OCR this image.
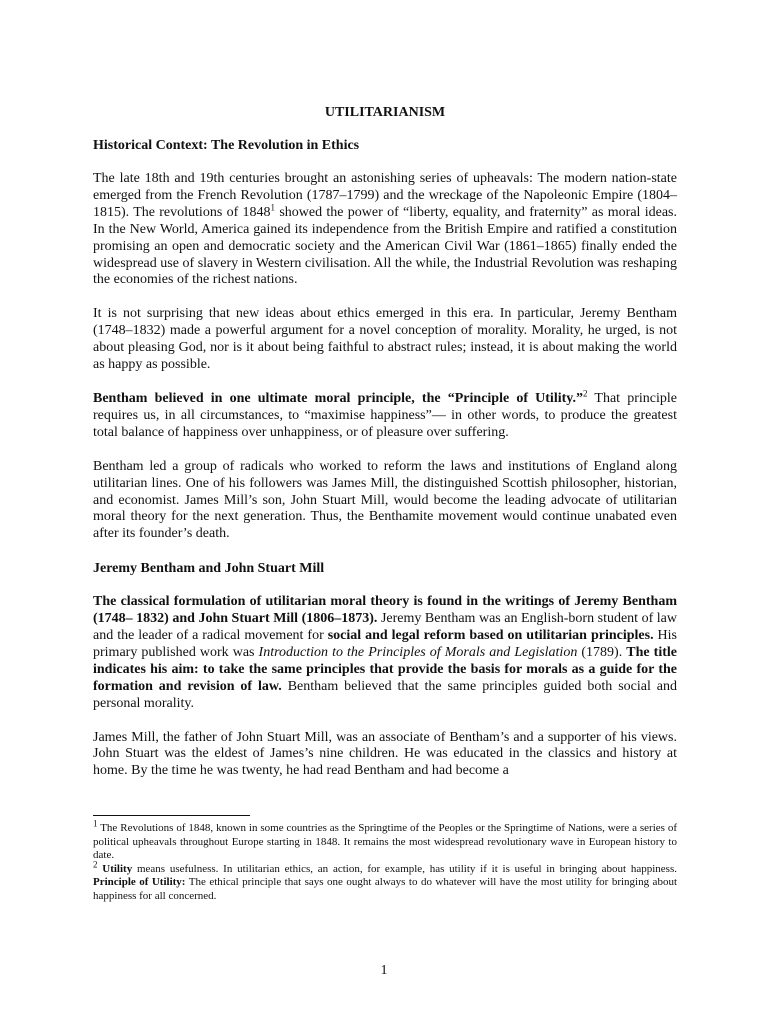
UTILITARIANISM
Historical Context: The Revolution in Ethics

The late 18th and 19th centuries brought an astonishing series of upheavals: The modern nation-state emerged from the French Revolution (1787–1799) and the wreckage of the Napoleonic Empire (1804–1815). The revolutions of 1848$^1$ showed the power of “liberty, equality, and fraternity” as moral ideas. In the New World, America gained its independence from the British Empire and ratified a constitution promising an open and democratic society and the American Civil War (1861–1865) finally ended the widespread use of slavery in Western civilisation. All the while, the Industrial Revolution was reshaping the economies of the richest nations.

It is not surprising that new ideas about ethics emerged in this era. In particular, Jeremy Bentham (1748–1832) made a powerful argument for a novel conception of morality. Morality, he urged, is not about pleasing God, nor is it about being faithful to abstract rules; instead, it is about making the world as happy as possible.

Bentham believed in one ultimate moral principle, the “Principle of Utility.”$^2$ That principle requires us, in all circumstances, to “maximise happiness”— in other words, to produce the greatest total balance of happiness over unhappiness, or of pleasure over suffering.

Bentham led a group of radicals who worked to reform the laws and institutions of England along utilitarian lines. One of his followers was James Mill, the distinguished Scottish philosopher, historian, and economist. James Mill’s son, John Stuart Mill, would become the leading advocate of utilitarian moral theory for the next generation. Thus, the Benthamite movement would continue unabated even after its founder’s death.

Jeremy Bentham and John Stuart Mill

The classical formulation of utilitarian moral theory is found in the writings of Jeremy Bentham (1748– 1832) and John Stuart Mill (1806–1873). Jeremy Bentham was an English-born student of law and the leader of a radical movement for social and legal reform based on utilitarian principles. His primary published work was Introduction to the Principles of Morals and Legislation (1789). The title indicates his aim: to take the same principles that provide the basis for morals as a guide for the formation and revision of law. Bentham believed that the same principles guided both social and personal morality.

James Mill, the father of John Stuart Mill, was an associate of Bentham’s and a supporter of his views. John Stuart was the eldest of James’s nine children. He was educated in the classics and history at home. By the time he was twenty, he had read Bentham and had become a

$^1$ The Revolutions of 1848, known in some countries as the Springtime of the Peoples or the Springtime of Nations, were a series of political upheavals throughout Europe starting in 1848. It remains the most widespread revolutionary wave in European history to date.

$^2$ Utility means usefulness. In utilitarian ethics, an action, for example, has utility if it is useful in bringing about happiness. Principle of Utility: The ethical principle that says one ought always to do whatever will have the most utility for bringing about happiness for all concerned.

1
